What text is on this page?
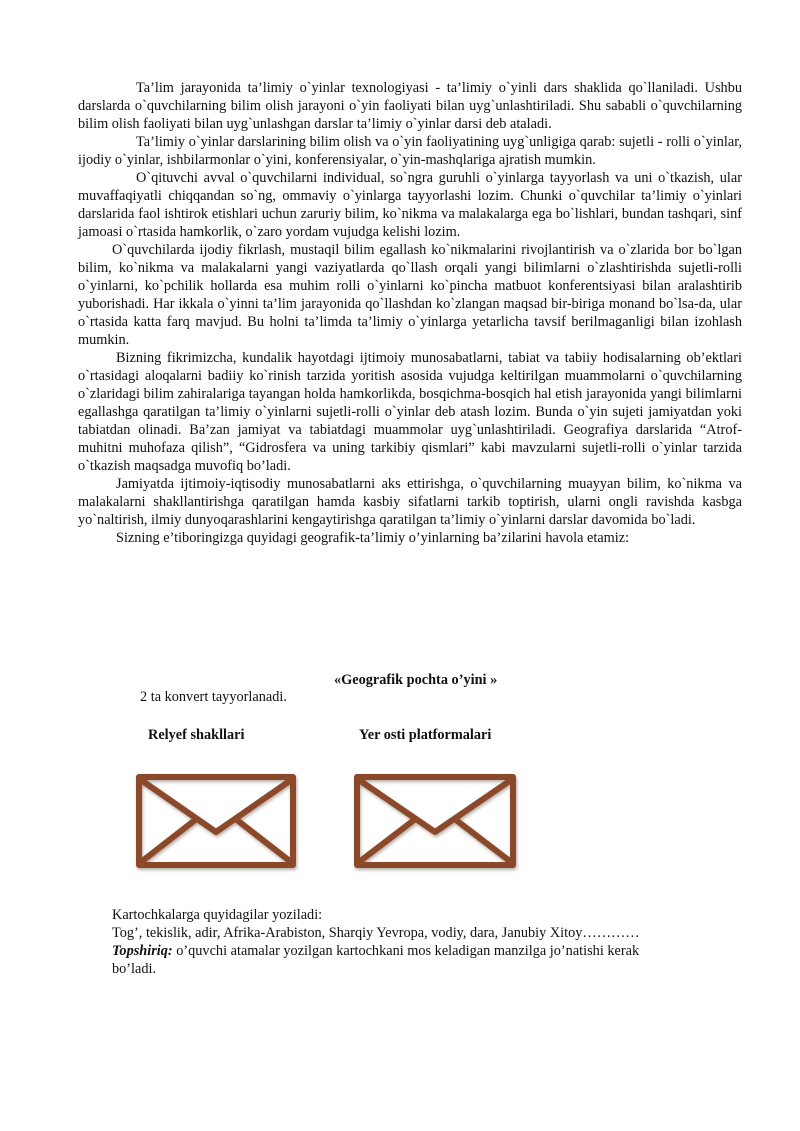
Ta’lim jarayonida ta’limiy o`yinlar texnologiyasi - ta’limiy o`yinli dars shaklida qo`llaniladi. Ushbu darslarda o`quvchilarning bilim olish jarayoni o`yin faoliyati bilan uyg`unlashtiriladi. Shu sababli o`quvchilarning bilim olish faoliyati bilan uyg`unlashgan darslar ta’limiy o`yinlar darsi deb ataladi.

Ta’limiy o`yinlar darslarining bilim olish va o`yin faoliyatining uyg`unligiga qarab: sujetli - rolli o`yinlar, ijodiy o`yinlar, ishbilarmonlar o`yini, konferensiyalar, o`yin-mashqlariga ajratish mumkin.

O`qituvchi avval o`quvchilarni individual, so`ngra guruhli o`yinlarga tayyorlash va uni o`tkazish, ular muvaffaqiyatli chiqqandan so`ng, ommaviy o`yinlarga tayyorlashi lozim. Chunki o`quvchilar ta’limiy o`yinlari darslarida faol ishtirok etishlari uchun zaruriy bilim, ko`nikma va malakalarga ega bo`lishlari, bundan tashqari, sinf jamoasi o`rtasida hamkorlik, o`zaro yordam vujudga kelishi lozim.

O`quvchilarda ijodiy fikrlash, mustaqil bilim egallash ko`nikmalarini rivojlantirish va o`zlarida bor bo`lgan bilim, ko`nikma va malakalarni yangi vaziyatlarda qo`llash orqali yangi bilimlarni o`zlashtirishda sujetli-rolli o`yinlarni, ko`pchilik hollarda esa muhim rolli o`yinlarni ko`pincha matbuot konferentsiyasi bilan aralashtirib yuborishadi. Har ikkala o`yinni ta’lim jarayonida qo`llashdan ko`zlangan maqsad bir-biriga monand bo`lsa-da, ular o`rtasida katta farq mavjud. Bu holni ta’limda ta’limiy o`yinlarga yetarlicha tavsif berilmaganligi bilan izohlash mumkin.

Bizning fikrimizcha, kundalik hayotdagi ijtimoiy munosabatlarni, tabiat va tabiiy hodisalarning ob’ektlari o`rtasidagi aloqalarni badiiy ko`rinish tarzida yoritish asosida vujudga keltirilgan muammolarni o`quvchilarning o`zlaridagi bilim zahiralariga tayangan holda hamkorlikda, bosqichma-bosqich hal etish jarayonida yangi bilimlarni egallashga qaratilgan ta’limiy o`yinlarni sujetli-rolli o`yinlar deb atash lozim. Bunda o`yin sujeti jamiyatdan yoki tabiatdan olinadi. Ba’zan jamiyat va tabiatdagi muammolar uyg`unlashtiriladi. Geografiya darslarida “Atrof-muhitni muhofaza qilish”, “Gidrosfera va uning tarkibiy qismlari” kabi mavzularni sujetli-rolli o`yinlar tarzida o`tkazish maqsadga muvofiq bo’ladi.

Jamiyatda ijtimoiy-iqtisodiy munosabatlarni aks ettirishga, o`quvchilarning muayyan bilim, ko`nikma va malakalarni shakllantirishga qaratilgan hamda kasbiy sifatlarni tarkib toptirish, ularni ongli ravishda kasbga yo`naltirish, ilmiy dunyoqarashlarini kengaytirishga qaratilgan ta’limiy o`yinlarni darslar davomida bo`ladi.

Sizning e’tiboringizga quyidagi geografik-ta’limiy o’yinlarning ba’zilarini havola etamiz:

«Geografik pochta o’yini »
2 ta konvert tayyorlanadi.
Relyef shakllari	Yer osti platformalari
Kartochkalarga quyidagilar yoziladi:
Tog’, tekislik, adir, Afrika-Arabiston, Sharqiy Yevropa, vodiy, dara, Janubiy Xitoy…………
Topshiriq: o’quvchi atamalar yozilgan kartochkani mos keladigan manzilga jo’natishi kerak
bo’ladi.
